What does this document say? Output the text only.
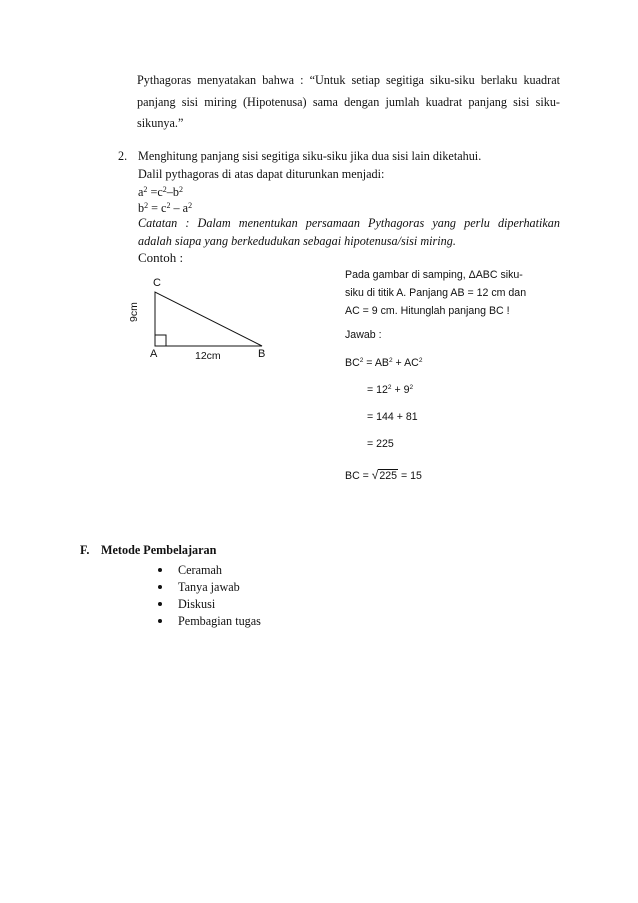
Pythagoras menyatakan bahwa : “Untuk setiap segitiga siku-siku berlaku kuadrat
panjang sisi miring (Hipotenusa) sama dengan jumlah kuadrat panjang sisi siku-
sikunya.”
2. Menghitung panjang sisi segitiga siku-siku jika dua sisi lain diketahui.
Dalil pythagoras di atas dapat diturunkan menjadi:
$a^2 =c^2-b^2$
$b^2 = c^2 - a^2$
Catatan : Dalam menentukan persamaan Pythagoras yang perlu diperhatikan
adalah siapa yang berkedudukan sebagai hipotenusa/sisi miring.
Contoh :
C
A	B
12cm
9cm
Pada gambar di samping, ΔABC siku-
siku di titik A. Panjang AB = 12 cm dan
AC = 9 cm. Hitunglah panjang BC !
Jawab :
$BC^2 = AB^2 + AC^2$
= $12^2 + 9^2$
= 144 + 81
= 225
BC = √225 = 15
F. Metode Pembelajaran
Ceramah
Tanya jawab
Diskusi
Pembagian tugas
